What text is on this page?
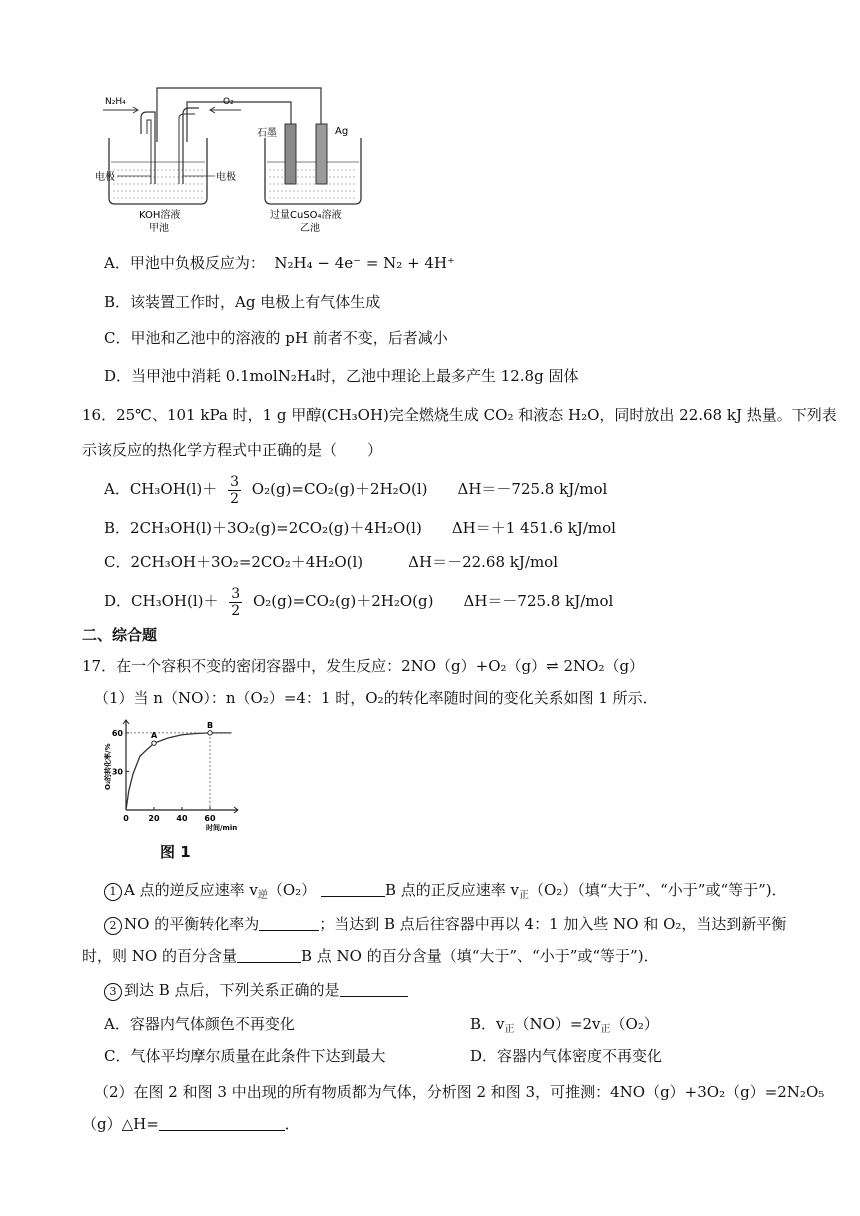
N₂H₄	O₂
石墨	Ag
电极	电极
KOH溶液
甲池
过量CuSO₄溶液
乙池
A．甲池中负极反应为： N₂H₄ − 4e⁻ = N₂ + 4H⁺
B．该装置工作时，Ag 电极上有气体生成
C．甲池和乙池中的溶液的 pH 前者不变，后者减小
D．当甲池中消耗 0.1molN₂H₄时，乙池中理论上最多产生 12.8g 固体
16．25℃、101 kPa 时，1 g 甲醇(CH₃OH)完全燃烧生成 CO₂ 和液态 H₂O，同时放出 22.68 kJ 热量。下列表
示该反应的热化学方程式中正确的是（　　）
A．$CH_3OH(l)+ \frac{3}{2} O_2(g)=CO_2(g)+2H_2O(l)$　　ΔH＝－725.8 kJ/mol
B．2CH₃OH(l)＋3O₂(g)=2CO₂(g)＋4H₂O(l)　　ΔH＝＋1 451.6 kJ/mol
C．2CH₃OH＋3O₂=2CO₂＋4H₂O(l)　　　ΔH＝－22.68 kJ/mol
D．$CH_3OH(l)+ \frac{3}{2} O_2(g)=CO_2(g)+2H_2O(g)$　　ΔH＝－725.8 kJ/mol
二、综合题
17．在一个容积不变的密闭容器中，发生反应：2NO（g）+O₂（g）⇌ 2NO₂（g）
（1）当 n（NO）：n（O₂）=4：1 时，O₂的转化率随时间的变化关系如图 1 所示．
0 20 40 60
30
60	A
B
时间/min
O₂的转化率/%
图 1
1 A 点的逆反应速率 $v_逆(O_2)$	B 点的正反应速率 $v_正(O_2)$（填“大于”、“小于”或“等于”)．
2 NO 的平衡转化率为	；当达到 B 点后往容器中再以 4：1 加入些 NO 和 O₂，当达到新平衡
时，则 NO 的百分含量	B 点 NO 的百分含量（填“大于”、“小于”或“等于”)．
3 到达 B 点后，下列关系正确的是
A．容器内气体颜色不再变化	B．$v_正(NO)=2v_正(O_2)$
C．气体平均摩尔质量在此条件下达到最大	D．容器内气体密度不再变化
（2）在图 2 和图 3 中出现的所有物质都为气体，分析图 2 和图 3，可推测：4NO（g）+3O₂（g）=2N₂O₅
（g）△H=	．
